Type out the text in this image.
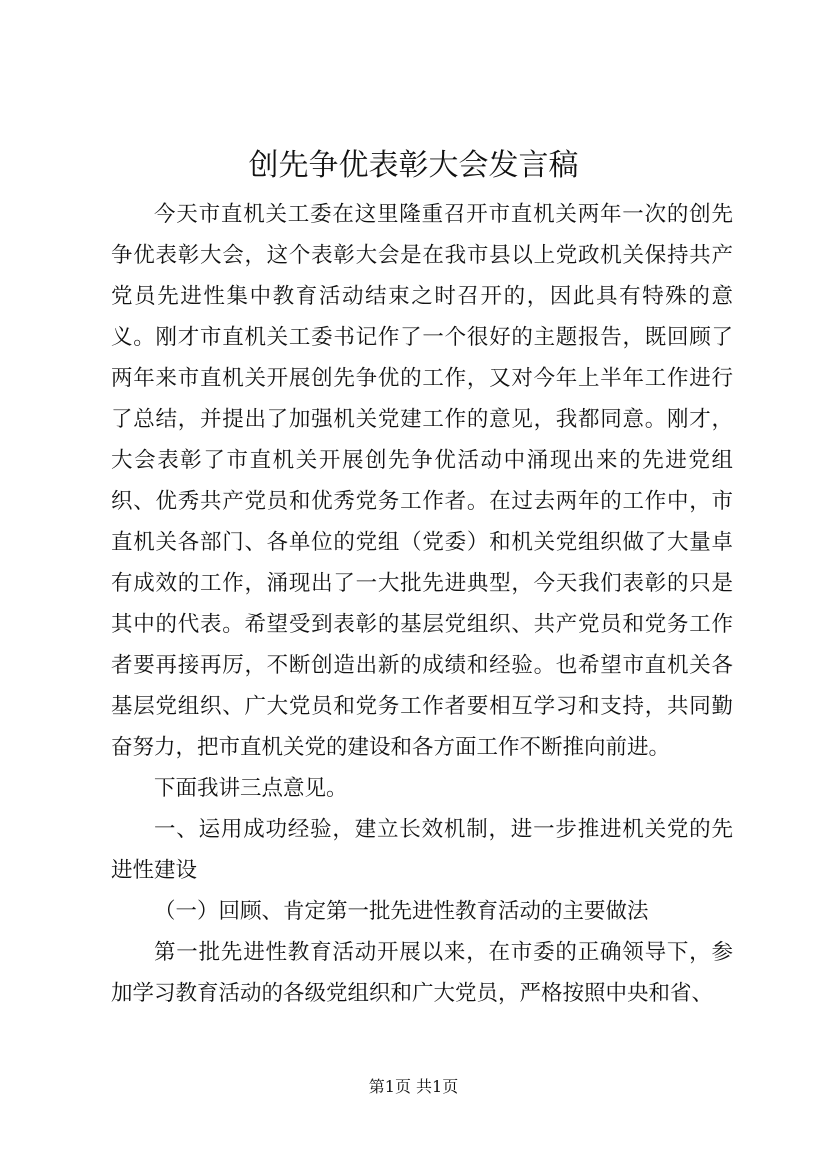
创先争优表彰大会发言稿

今天市直机关工委在这里隆重召开市直机关两年一次的创先争优表彰大会，这个表彰大会是在我市县以上党政机关保持共产党员先进性集中教育活动结束之时召开的，因此具有特殊的意义。刚才市直机关工委书记作了一个很好的主题报告，既回顾了两年来市直机关开展创先争优的工作，又对今年上半年工作进行了总结，并提出了加强机关党建工作的意见，我都同意。刚才，大会表彰了市直机关开展创先争优活动中涌现出来的先进党组织、优秀共产党员和优秀党务工作者。在过去两年的工作中，市直机关各部门、各单位的党组（党委）和机关党组织做了大量卓有成效的工作，涌现出了一大批先进典型，今天我们表彰的只是其中的代表。希望受到表彰的基层党组织、共产党员和党务工作者要再接再厉，不断创造出新的成绩和经验。也希望市直机关各基层党组织、广大党员和党务工作者要相互学习和支持，共同勤奋努力，把市直机关党的建设和各方面工作不断推向前进。

下面我讲三点意见。

一、运用成功经验，建立长效机制，进一步推进机关党的先进性建设

（一）回顾、肯定第一批先进性教育活动的主要做法

第一批先进性教育活动开展以来，在市委的正确领导下，参加学习教育活动的各级党组织和广大党员，严格按照中央和省、

第1页 共1页
